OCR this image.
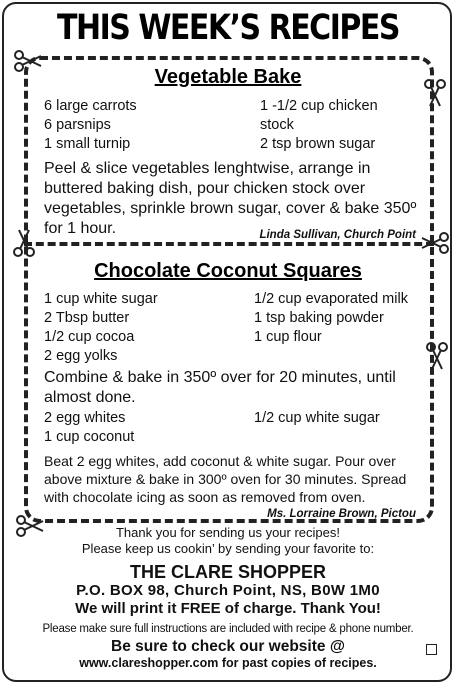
THIS WEEK’S RECIPES
Vegetable Bake
6 large carrots
6 parsnips
1 small turnip
1 -1/2 cup chicken
stock
2 tsp brown sugar
Peel & slice vegetables lenghtwise, arrange in buttered baking dish, pour chicken stock over vegetables, sprinkle brown sugar, cover & bake 350º for 1 hour.	Linda Sullivan, Church Point
Chocolate Coconut Squares
1 cup white sugar
2 Tbsp butter
1/2 cup cocoa
2 egg yolks
1/2 cup evaporated milk
1 tsp baking powder
1 cup flour
Combine & bake in 350º over for 20 minutes, until almost done.
2 egg whites
1 cup coconut
1/2 cup white sugar
Beat 2 egg whites, add coconut & white sugar. Pour over above mixture & bake in 300º oven for 30 minutes. Spread with chocolate icing as soon as removed from oven.
Ms. Lorraine Brown, Pictou
Thank you for sending us your recipes!
Please keep us cookin’ by sending your favorite to:
THE CLARE SHOPPER
P.O. BOX 98, Church Point, NS, B0W 1M0
We will print it FREE of charge. Thank You!
Please make sure full instructions are included with recipe & phone number.
Be sure to check our website @
www.clareshopper.com for past copies of recipes.
